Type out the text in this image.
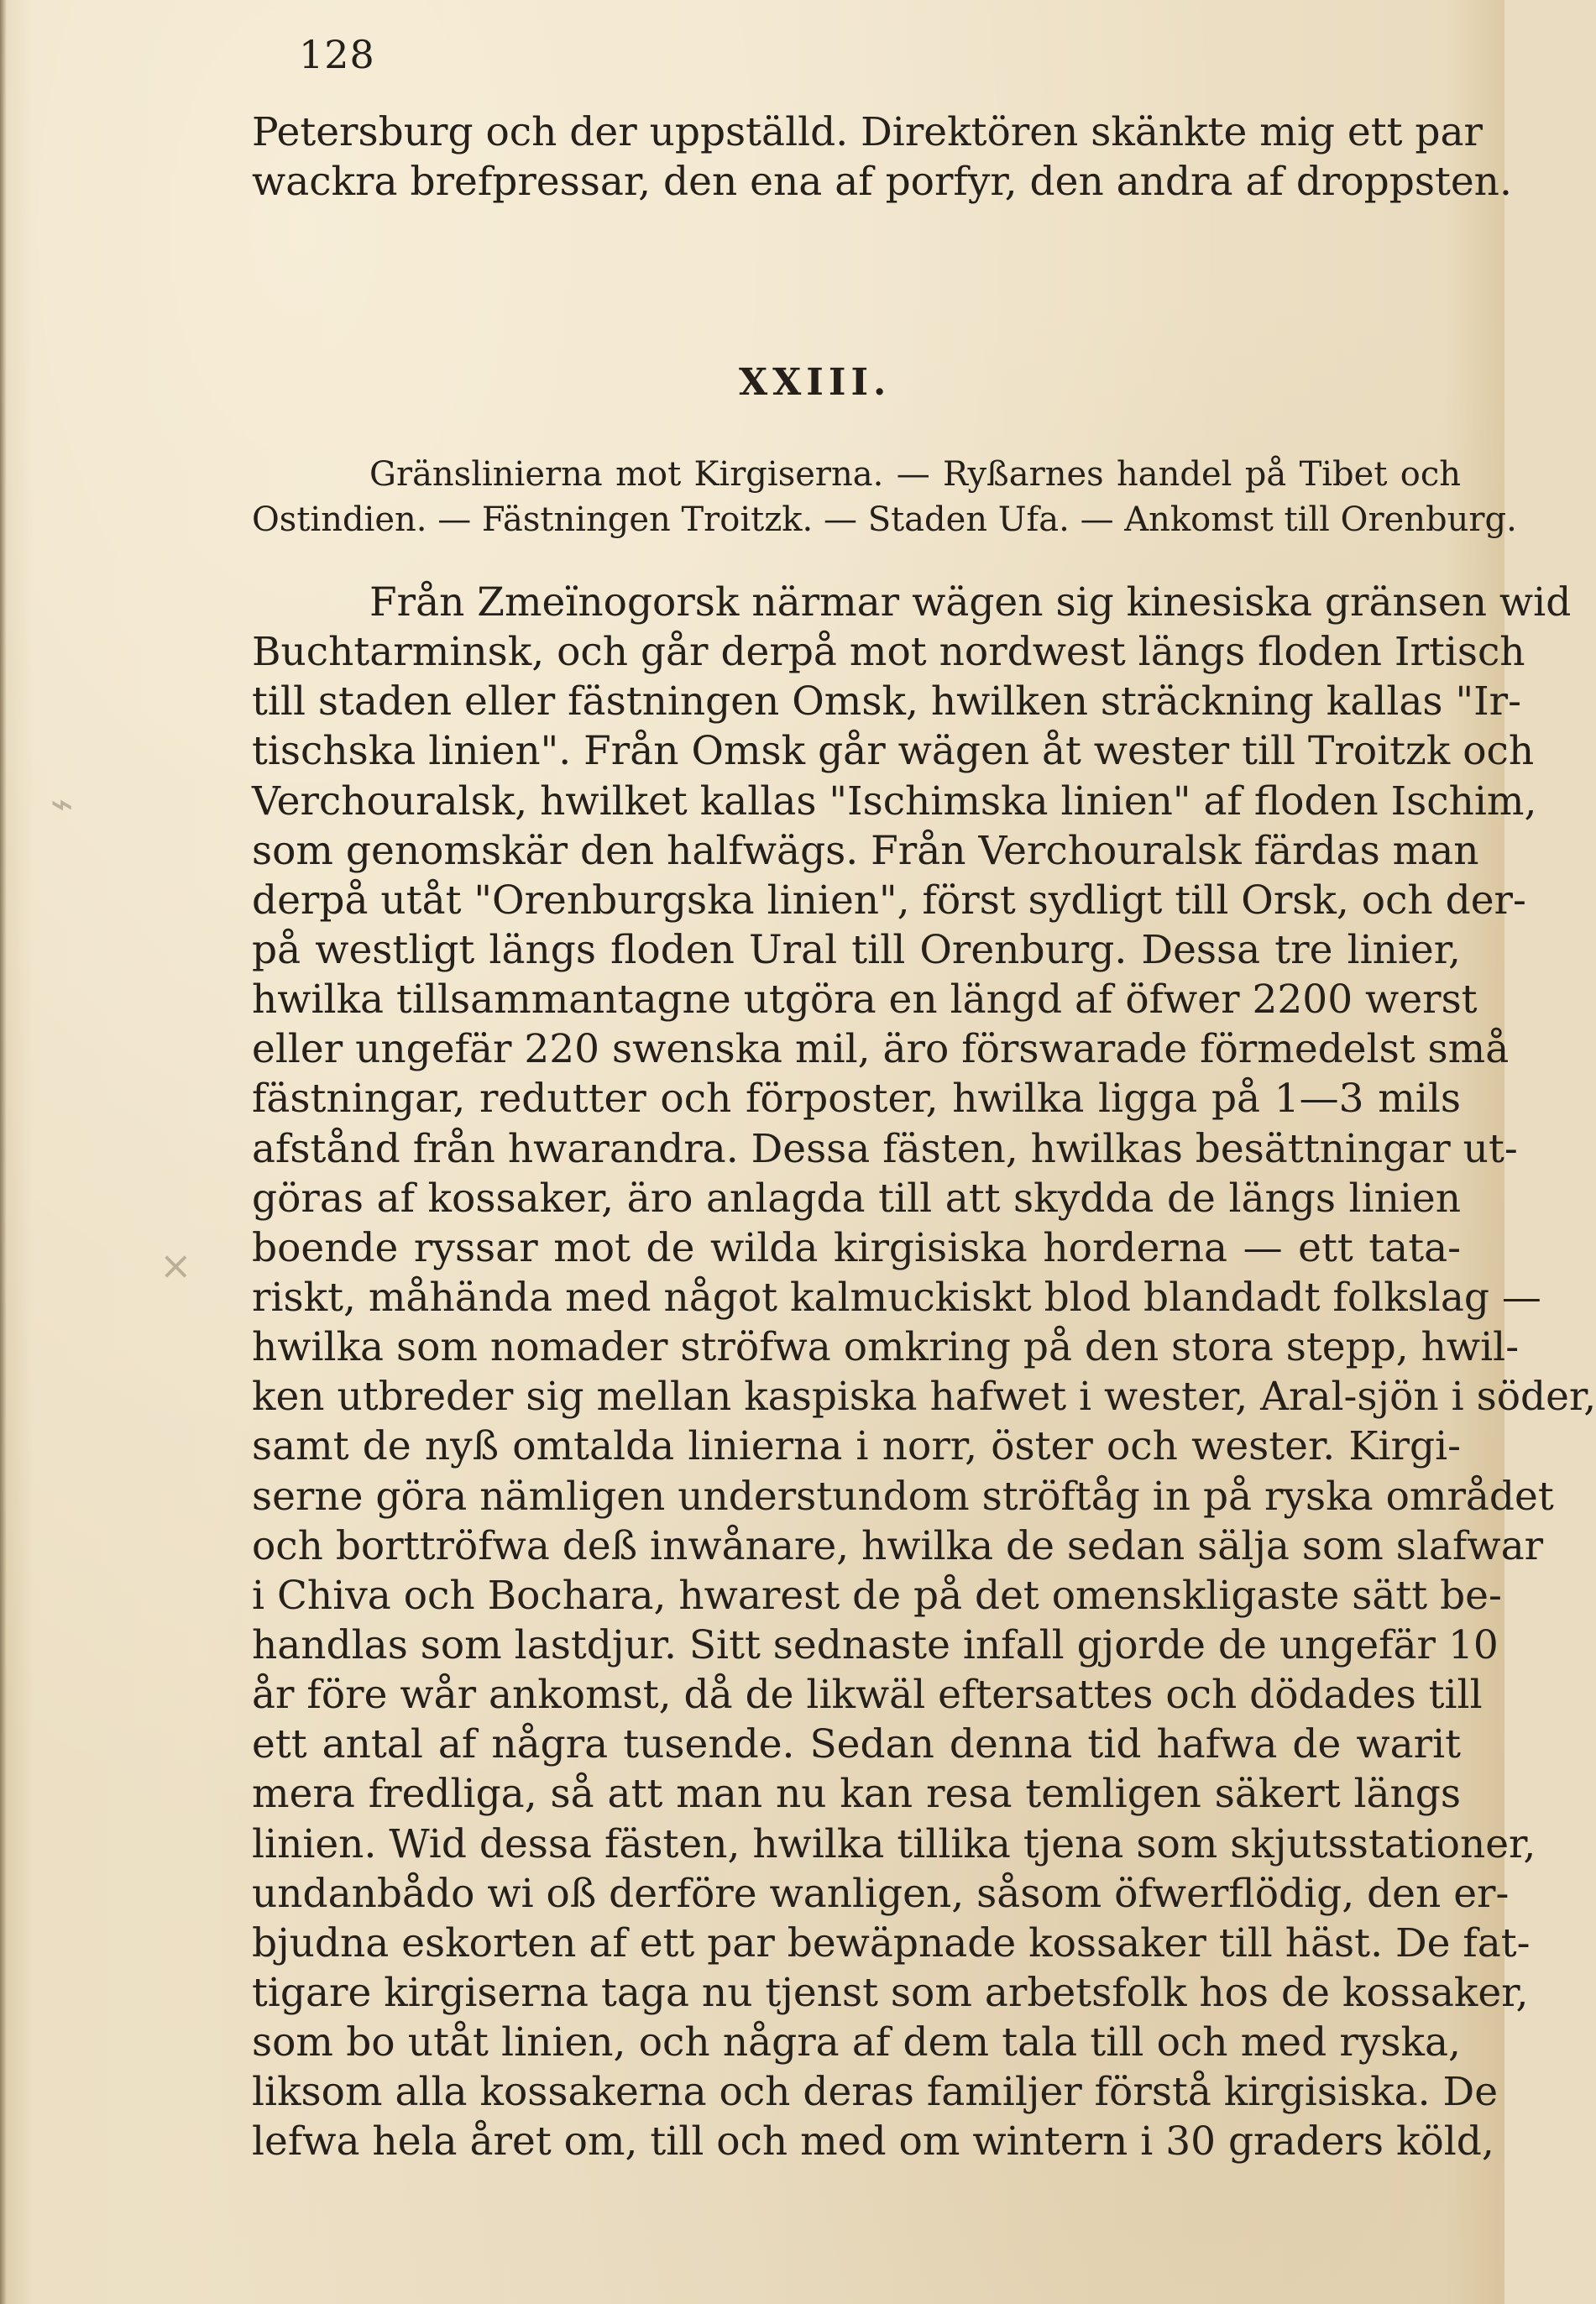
128
Petersburg och der uppställd. Direktören skänkte mig ett par
wackra brefpressar, den ena af porfyr, den andra af droppsten.
XXIII.
Gränslinierna mot Kirgiserna. — Ryßarnes handel på Tibet och
Ostindien. — Fästningen Troitzk. — Staden Ufa. — Ankomst till Orenburg.
Från Zmeïnogorsk närmar wägen sig kinesiska gränsen wid
Buchtarminsk, och går derpå mot nordwest längs floden Irtisch
till staden eller fästningen Omsk, hwilken sträckning kallas "Ir-
tischska linien". Från Omsk går wägen åt wester till Troitzk och
Verchouralsk, hwilket kallas "Ischimska linien" af floden Ischim,
som genomskär den halfwägs. Från Verchouralsk färdas man
derpå utåt "Orenburgska linien", först sydligt till Orsk, och der-
på westligt längs floden Ural till Orenburg. Dessa tre linier,
hwilka tillsammantagne utgöra en längd af öfwer 2200 werst
eller ungefär 220 swenska mil, äro förswarade förmedelst små
fästningar, redutter och förposter, hwilka ligga på 1—3 mils
afstånd från hwarandra. Dessa fästen, hwilkas besättningar ut-
göras af kossaker, äro anlagda till att skydda de längs linien
boende ryssar mot de wilda kirgisiska horderna — ett tata-
riskt, måhända med något kalmuckiskt blod blandadt folkslag —
hwilka som nomader ströfwa omkring på den stora stepp, hwil-
ken utbreder sig mellan kaspiska hafwet i wester, Aral-sjön i söder,
samt de nyß omtalda linierna i norr, öster och wester. Kirgi-
serne göra nämligen understundom ströftåg in på ryska området
och borttröfwa deß inwånare, hwilka de sedan sälja som slafwar
i Chiva och Bochara, hwarest de på det omenskligaste sätt be-
handlas som lastdjur. Sitt sednaste infall gjorde de ungefär 10
år före wår ankomst, då de likwäl eftersattes och dödades till
ett antal af några tusende. Sedan denna tid hafwa de warit
mera fredliga, så att man nu kan resa temligen säkert längs
linien. Wid dessa fästen, hwilka tillika tjena som skjutsstationer,
undanbådo wi oß derföre wanligen, såsom öfwerflödig, den er-
bjudna eskorten af ett par bewäpnade kossaker till häst. De fat-
tigare kirgiserna taga nu tjenst som arbetsfolk hos de kossaker,
som bo utåt linien, och några af dem tala till och med ryska,
liksom alla kossakerna och deras familjer förstå kirgisiska. De
lefwa hela året om, till och med om wintern i 30 graders köld,
⌁
×
